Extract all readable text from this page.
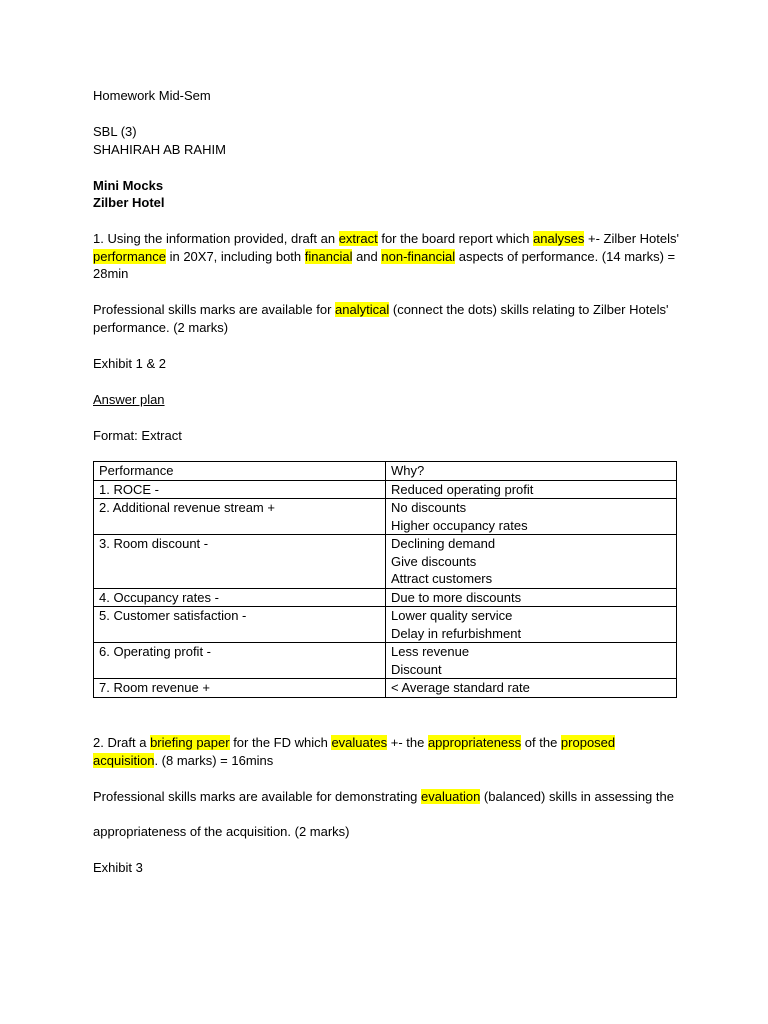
Homework Mid-Sem
SBL (3)
SHAHIRAH AB RAHIM
Mini Mocks
Zilber Hotel
1. Using the information provided, draft an extract for the board report which analyses +- Zilber Hotels' performance in 20X7, including both financial and non-financial aspects of performance. (14 marks) = 28min
Professional skills marks are available for analytical (connect the dots) skills relating to Zilber Hotels' performance. (2 marks)
Exhibit 1 & 2
Answer plan
Format: Extract
Performance	Why?
1. ROCE -	Reduced operating profit

2. Additional revenue stream +	No discounts
Higher occupancy rates

3. Room discount -	Declining demand
Give discounts
Attract customers

4. Occupancy rates -	Due to more discounts

5. Customer satisfaction -	Lower quality service
Delay in refurbishment

6. Operating profit -	Less revenue
Discount

7. Room revenue +	< Average standard rate
2. Draft a briefing paper for the FD which evaluates +- the appropriateness of the proposed acquisition. (8 marks) = 16mins
Professional skills marks are available for demonstrating evaluation (balanced) skills in assessing the
appropriateness of the acquisition. (2 marks)
Exhibit 3
